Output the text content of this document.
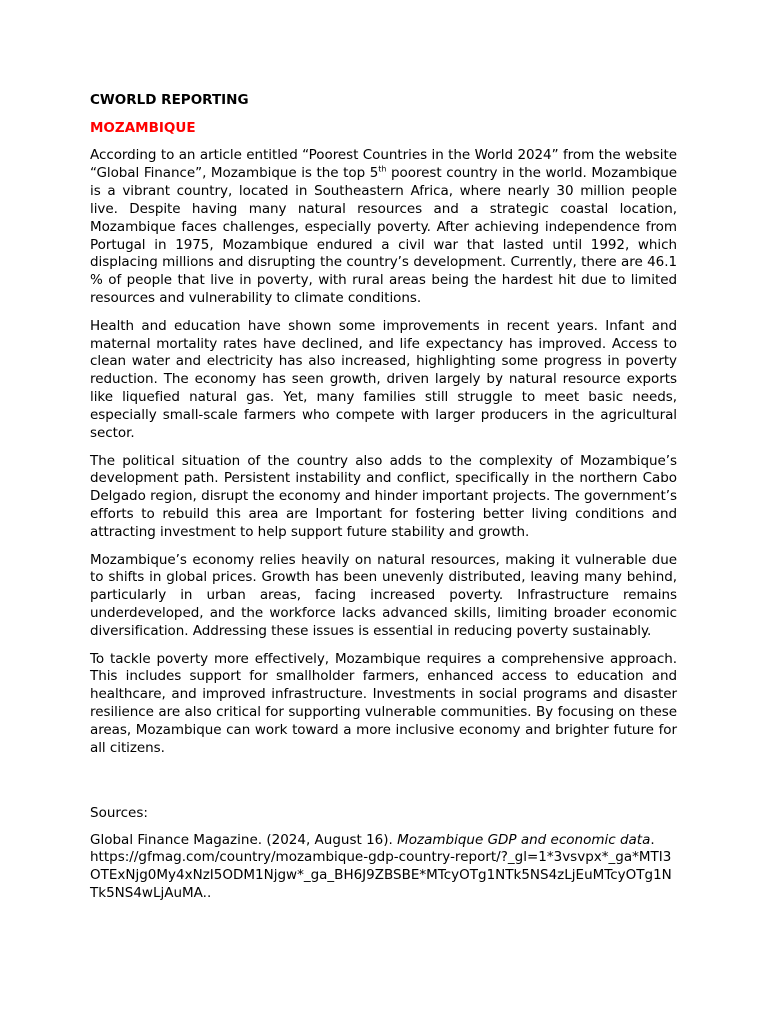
CWORLD REPORTING
MOZAMBIQUE

According to an article entitled “Poorest Countries in the World 2024” from the website “Global Finance”, Mozambique is the top 5th poorest country in the world. Mozambique is a vibrant country, located in Southeastern Africa, where nearly 30 million people live. Despite having many natural resources and a strategic coastal location, Mozambique faces challenges, especially poverty. After achieving independence from Portugal in 1975, Mozambique endured a civil war that lasted until 1992, which displacing millions and disrupting the country’s development. Currently, there are 46.1 % of people that live in poverty, with rural areas being the hardest hit due to limited resources and vulnerability to climate conditions.

Health and education have shown some improvements in recent years. Infant and maternal mortality rates have declined, and life expectancy has improved. Access to clean water and electricity has also increased, highlighting some progress in poverty reduction. The economy has seen growth, driven largely by natural resource exports like liquefied natural gas. Yet, many families still struggle to meet basic needs, especially small-scale farmers who compete with larger producers in the agricultural sector.

The political situation of the country also adds to the complexity of Mozambique’s development path. Persistent instability and conflict, specifically in the northern Cabo Delgado region, disrupt the economy and hinder important projects. The government’s efforts to rebuild this area are Important for fostering better living conditions and attracting investment to help support future stability and growth.

Mozambique’s economy relies heavily on natural resources, making it vulnerable due to shifts in global prices. Growth has been unevenly distributed, leaving many behind, particularly in urban areas, facing increased poverty. Infrastructure remains underdeveloped, and the workforce lacks advanced skills, limiting broader economic diversification. Addressing these issues is essential in reducing poverty sustainably.

To tackle poverty more effectively, Mozambique requires a comprehensive approach. This includes support for smallholder farmers, enhanced access to education and healthcare, and improved infrastructure. Investments in social programs and disaster resilience are also critical for supporting vulnerable communities. By focusing on these areas, Mozambique can work toward a more inclusive economy and brighter future for all citizens.

Sources:

Global Finance Magazine. (2024, August 16). Mozambique GDP and economic data.
https://gfmag.com/country/mozambique-gdp-country-report/?_gl=1*3vsvpx*_ga*MTI3OTExNjg0My4xNzI5ODM1Njgw*_ga_BH6J9ZBSBE*MTcyOTg1NTk5NS4zLjEuMTcyOTg1NTk5NS4wLjAuMA..
